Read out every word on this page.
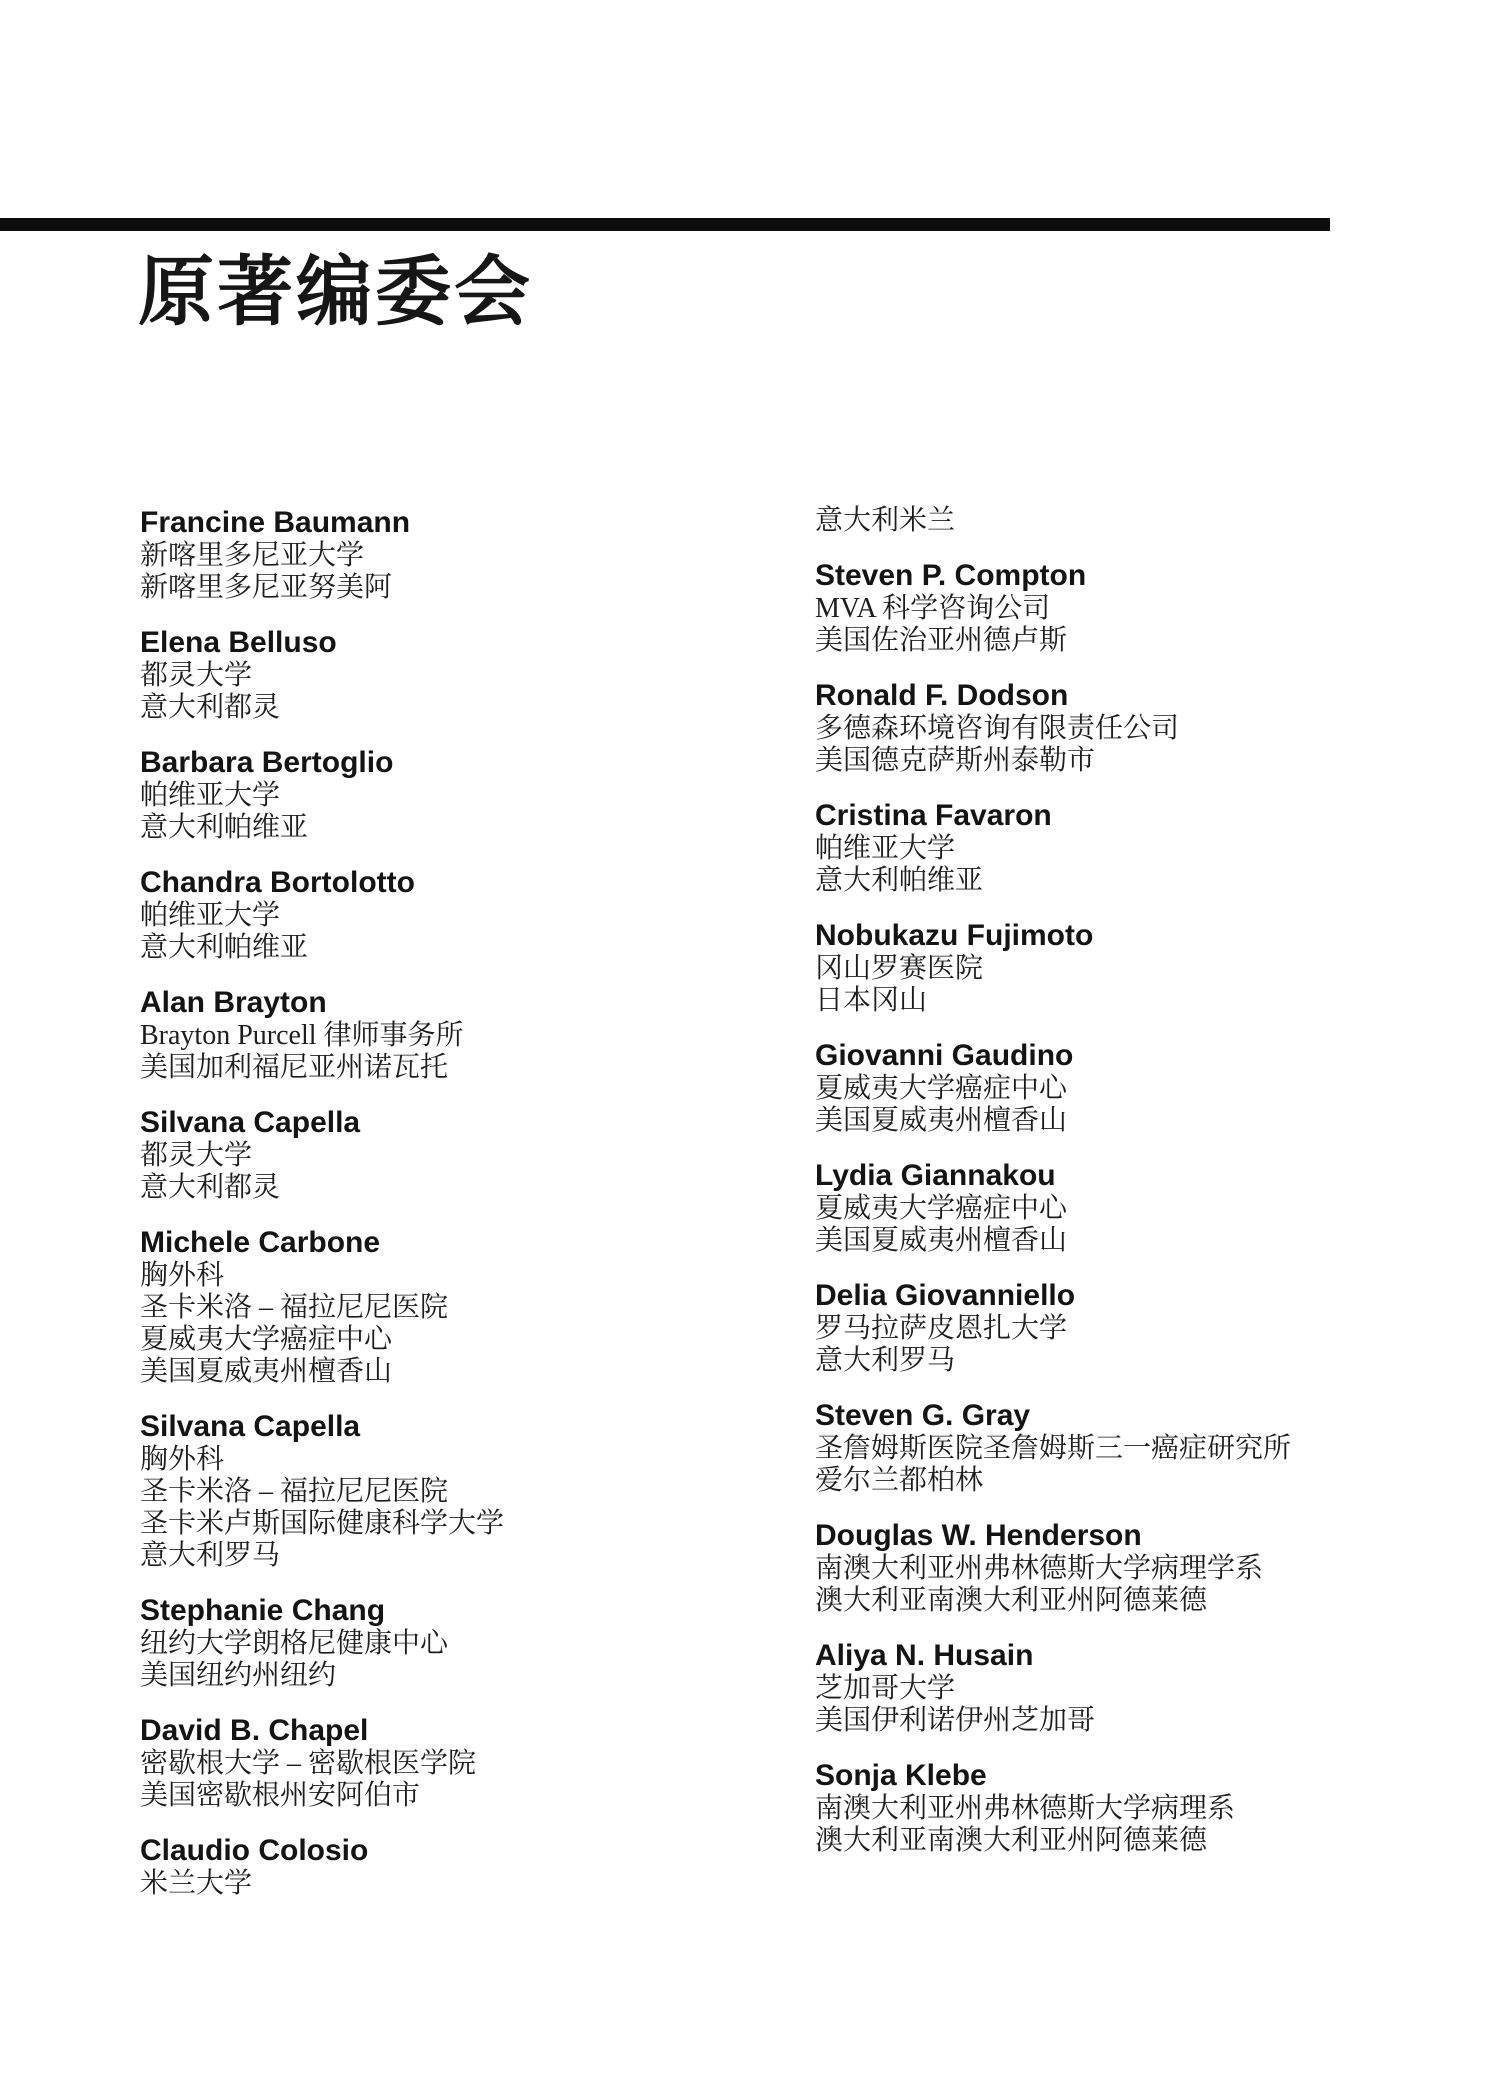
原著编委会
Francine Baumann
新喀里多尼亚大学
新喀里多尼亚努美阿
Elena Belluso
都灵大学
意大利都灵
Barbara Bertoglio
帕维亚大学
意大利帕维亚
Chandra Bortolotto
帕维亚大学
意大利帕维亚
Alan Brayton
Brayton Purcell 律师事务所
美国加利福尼亚州诺瓦托
Silvana Capella
都灵大学
意大利都灵
Michele Carbone
胸外科
圣卡米洛 – 福拉尼尼医院
夏威夷大学癌症中心
美国夏威夷州檀香山
Silvana Capella
胸外科
圣卡米洛 – 福拉尼尼医院
圣卡米卢斯国际健康科学大学
意大利罗马
Stephanie Chang
纽约大学朗格尼健康中心
美国纽约州纽约
David B. Chapel
密歇根大学 – 密歇根医学院
美国密歇根州安阿伯市
Claudio Colosio
米兰大学
意大利米兰
Steven P. Compton
MVA 科学咨询公司
美国佐治亚州德卢斯
Ronald F. Dodson
多德森环境咨询有限责任公司
美国德克萨斯州泰勒市
Cristina Favaron
帕维亚大学
意大利帕维亚
Nobukazu Fujimoto
冈山罗赛医院
日本冈山
Giovanni Gaudino
夏威夷大学癌症中心
美国夏威夷州檀香山
Lydia Giannakou
夏威夷大学癌症中心
美国夏威夷州檀香山
Delia Giovanniello
罗马拉萨皮恩扎大学
意大利罗马
Steven G. Gray
圣詹姆斯医院圣詹姆斯三一癌症研究所
爱尔兰都柏林
Douglas W. Henderson
南澳大利亚州弗林德斯大学病理学系
澳大利亚南澳大利亚州阿德莱德
Aliya N. Husain
芝加哥大学
美国伊利诺伊州芝加哥
Sonja Klebe
南澳大利亚州弗林德斯大学病理系
澳大利亚南澳大利亚州阿德莱德
